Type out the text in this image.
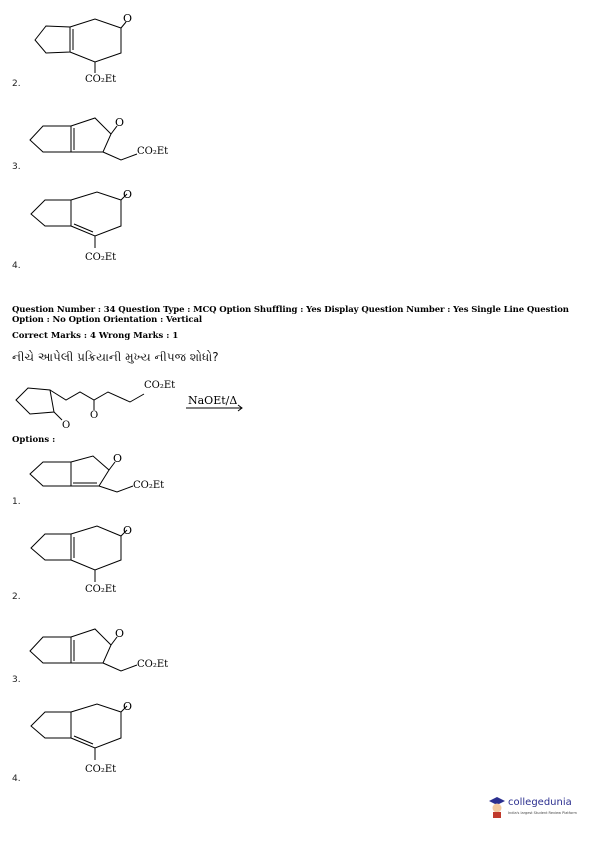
O
CO₂Et
2.
O
CO₂Et
3.
O
CO₂Et
4.
Question Number : 34 Question Type : MCQ Option Shuffling : Yes Display Question Number : Yes Single Line Question Option : No Option Orientation : Vertical
Correct Marks : 4 Wrong Marks : 1
નીચે આપેલી પ્રક્રિયાની મુખ્ય નીપજ શોધો?
O
O
CO₂Et
NaOEt/Δ
Options :
O
CO₂Et
1.
O
CO₂Et
2.
O
CO₂Et
3.
O
CO₂Et
4.
collegedunia
India's largest Student Review Platform
